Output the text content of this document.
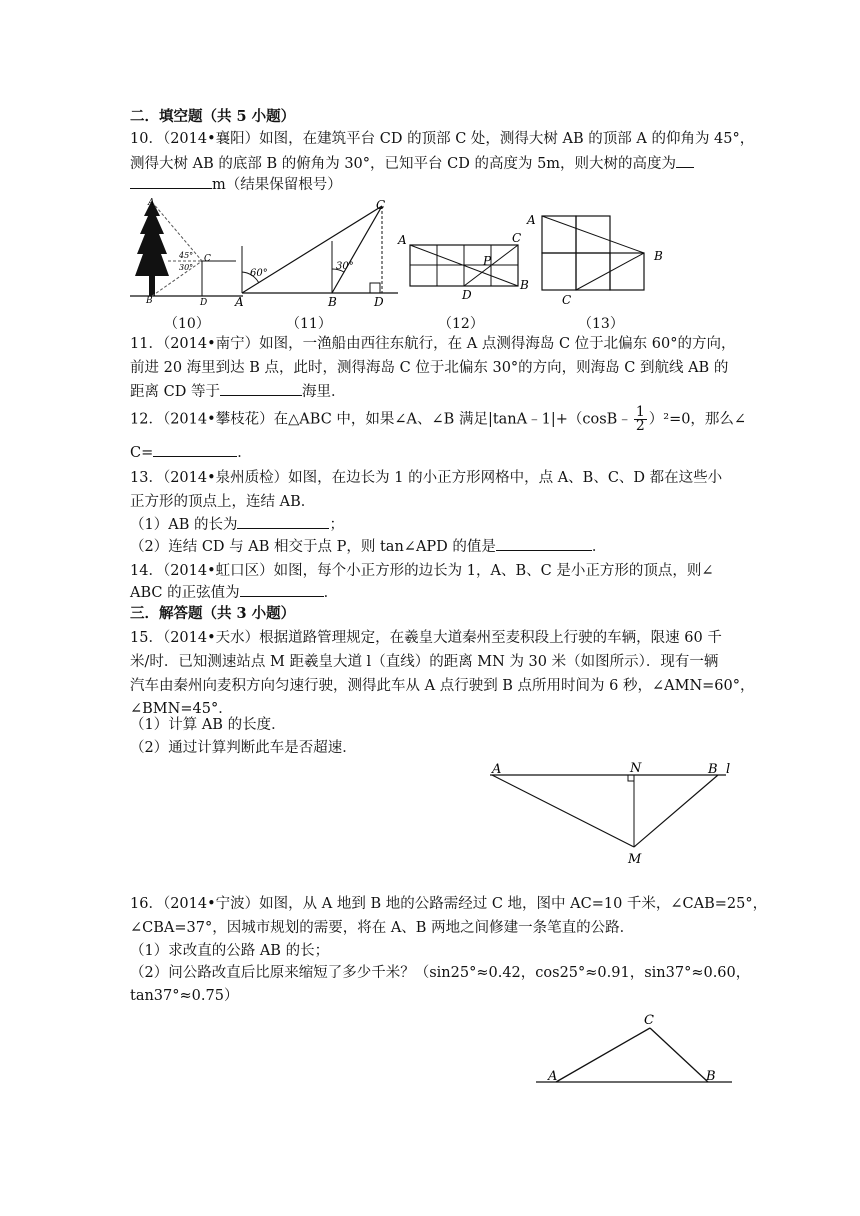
二．填空题（共 5 小题）
10．（2014•襄阳）如图，在建筑平台 CD 的顶部 C 处，测得大树 AB 的顶部 A 的仰角为 45°，
测得大树 AB 的底部 B 的俯角为 30°，已知平台 CD 的高度为 5m，则大树的高度为
m（结果保留根号）
A
B
C
D
45°
30°
（10）
60°
30°
A	B
C
D
（11）
A
B
C
D
P
（12）
A
B
C
（13）
11．（2014•南宁）如图，一渔船由西往东航行，在 A 点测得海岛 C 位于北偏东 60°的方向，
前进 20 海里到达 B 点，此时，测得海岛 C 位于北偏东 30°的方向，则海岛 C 到航线 AB 的
距离 CD 等于	海里．
12．（2014•攀枝花）在△ABC 中，如果∠A、∠B 满足|tanA﹣1|+（cosB﹣ $\frac{1}{2} )^2=0$，那么∠
C=	．
13．（2014•泉州质检）如图，在边长为 1 的小正方形网格中，点 A、B、C、D 都在这些小
正方形的顶点上，连结 AB．
（1）AB 的长为	；
（2）连结 CD 与 AB 相交于点 P，则 tan∠APD 的值是	．
14．（2014•虹口区）如图，每个小正方形的边长为 1，A、B、C 是小正方形的顶点，则∠
ABC 的正弦值为	．
三．解答题（共 3 小题）
15．（2014•天水）根据道路管理规定，在羲皇大道秦州至麦积段上行驶的车辆，限速 60 千
米/时．已知测速站点 M 距羲皇大道 l（直线）的距离 MN 为 30 米（如图所示）．现有一辆
汽车由秦州向麦积方向匀速行驶，测得此车从 A 点行驶到 B 点所用时间为 6 秒，∠AMN=60°，
∠BMN=45°．
（1）计算 AB 的长度．
（2）通过计算判断此车是否超速．
A	N	B l
M
16．（2014•宁波）如图，从 A 地到 B 地的公路需经过 C 地，图中 AC=10 千米，∠CAB=25°，
∠CBA=37°，因城市规划的需要，将在 A、B 两地之间修建一条笔直的公路．
（1）求改直的公路 AB 的长；
（2）问公路改直后比原来缩短了多少千米？（sin25°≈0.42，cos25°≈0.91，sin37°≈0.60，
tan37°≈0.75）
C
A	B
